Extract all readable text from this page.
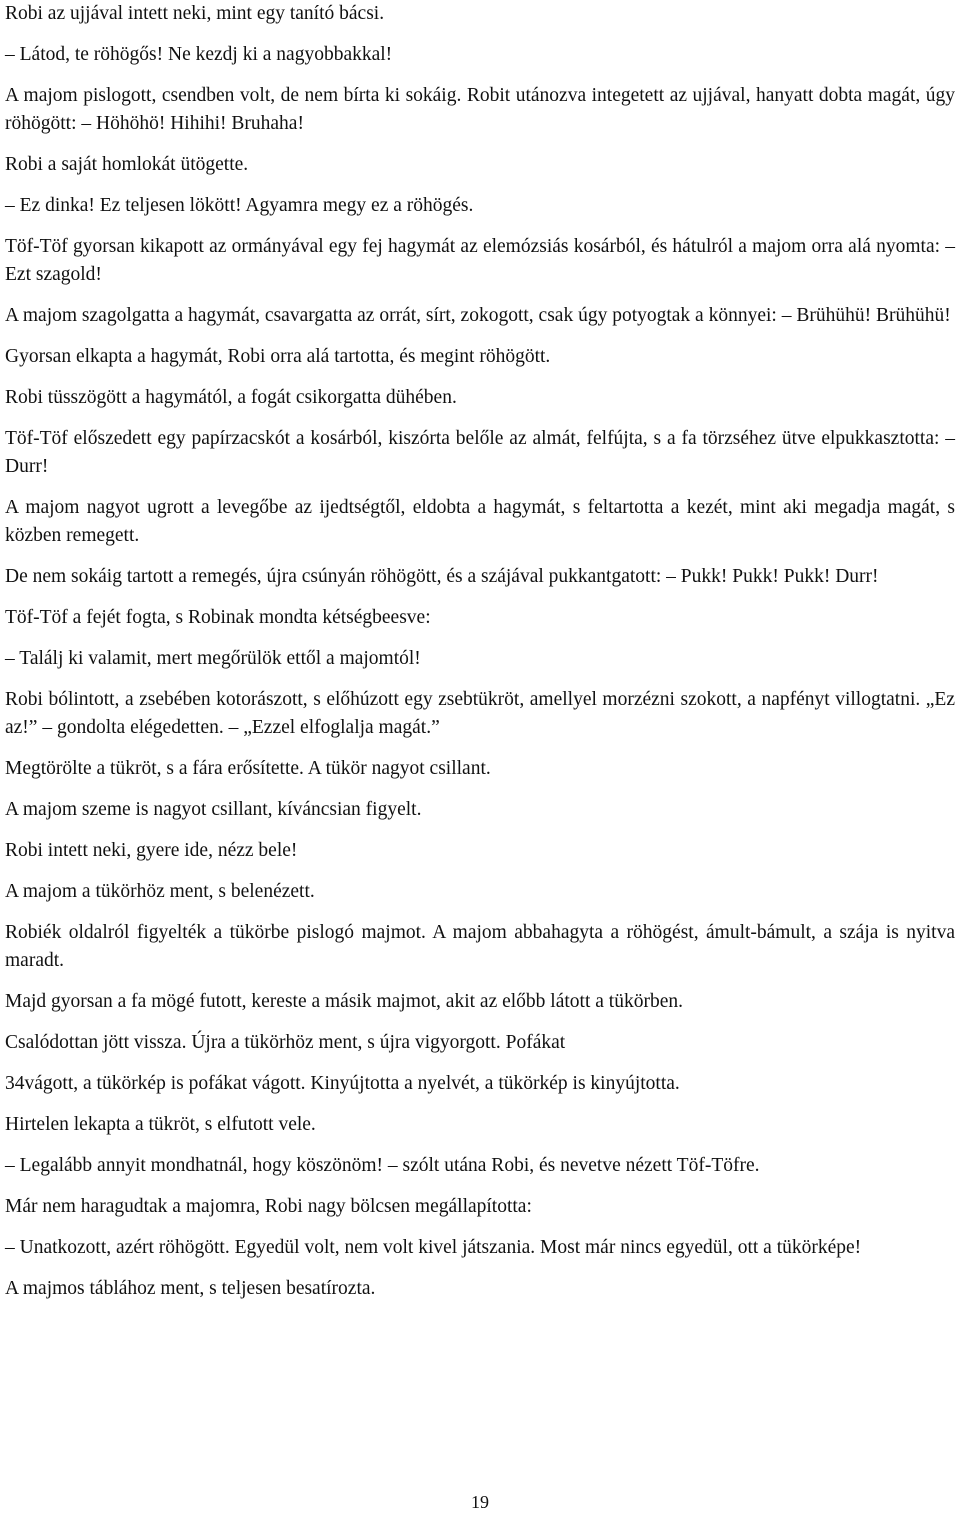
Robi az ujjával intett neki, mint egy tanító bácsi.

– Látod, te röhögős! Ne kezdj ki a nagyobbakkal!

A majom pislogott, csendben volt, de nem bírta ki sokáig. Robit utánozva integetett az ujjával, hanyatt dobta magát, úgy röhögött: – Höhöhö! Hihihi! Bruhaha!

Robi a saját homlokát ütögette.

– Ez dinka! Ez teljesen lökött! Agyamra megy ez a röhögés.

Töf-Töf gyorsan kikapott az ormányával egy fej hagymát az elemózsiás kosárból, és hátulról a majom orra alá nyomta: – Ezt szagold!

A majom szagolgatta a hagymát, csavargatta az orrát, sírt, zokogott, csak úgy potyogtak a könnyei: – Brühühü! Brühühü!

Gyorsan elkapta a hagymát, Robi orra alá tartotta, és megint röhögött.

Robi tüsszögött a hagymától, a fogát csikorgatta dühében.

Töf-Töf előszedett egy papírzacskót a kosárból, kiszórta belőle az almát, felfújta, s a fa törzséhez ütve elpukkasztotta: – Durr!

A majom nagyot ugrott a levegőbe az ijedtségtől, eldobta a hagymát, s feltartotta a kezét, mint aki megadja magát, s közben remegett.

De nem sokáig tartott a remegés, újra csúnyán röhögött, és a szájával pukkantgatott: – Pukk! Pukk! Pukk! Durr!

Töf-Töf a fejét fogta, s Robinak mondta kétségbeesve:

– Találj ki valamit, mert megőrülök ettől a majomtól!

Robi bólintott, a zsebében kotorászott, s előhúzott egy zsebtükröt, amellyel morzézni szokott, a napfényt villogtatni. „Ez az!” – gondolta elégedetten. – „Ezzel elfoglalja magát.”

Megtörölte a tükröt, s a fára erősítette. A tükör nagyot csillant.

A majom szeme is nagyot csillant, kíváncsian figyelt.

Robi intett neki, gyere ide, nézz bele!

A majom a tükörhöz ment, s belenézett.

Robiék oldalról figyelték a tükörbe pislogó majmot. A majom abbahagyta a röhögést, ámult-bámult, a szája is nyitva maradt.

Majd gyorsan a fa mögé futott, kereste a másik majmot, akit az előbb látott a tükörben.

Csalódottan jött vissza. Újra a tükörhöz ment, s újra vigyorgott. Pofákat

34vágott, a tükörkép is pofákat vágott. Kinyújtotta a nyelvét, a tükörkép is kinyújtotta.

Hirtelen lekapta a tükröt, s elfutott vele.

– Legalább annyit mondhatnál, hogy köszönöm! – szólt utána Robi, és nevetve nézett Töf-Töfre.

Már nem haragudtak a majomra, Robi nagy bölcsen megállapította:

– Unatkozott, azért röhögött. Egyedül volt, nem volt kivel játszania. Most már nincs egyedül, ott a tükörképe!

A majmos táblához ment, s teljesen besatírozta.

19
